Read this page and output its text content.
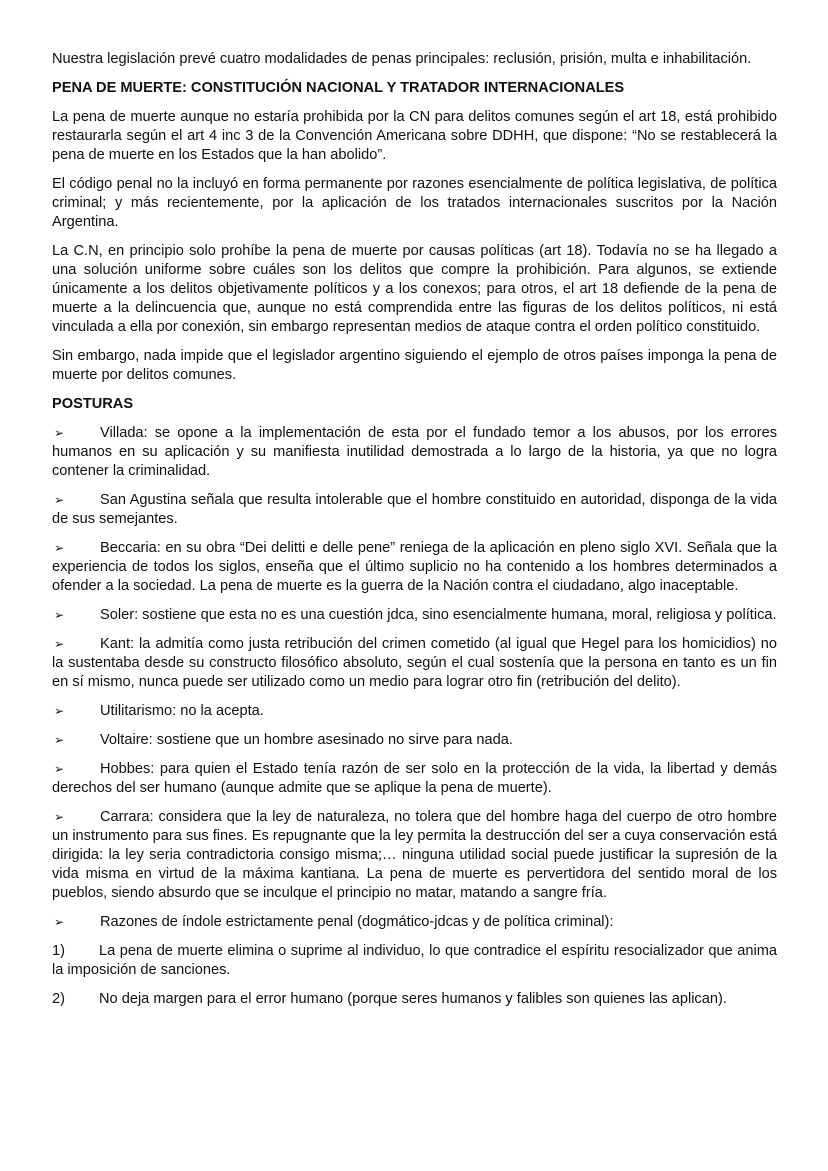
Nuestra legislación prevé cuatro modalidades de penas principales: reclusión, prisión, multa e inhabilitación.

PENA DE MUERTE: CONSTITUCIÓN NACIONAL Y TRATADOR INTERNACIONALES

La pena de muerte aunque no estaría prohibida por la CN para delitos comunes según el art 18, está prohibido restaurarla según el art 4 inc 3 de la Convención Americana sobre DDHH, que dispone: “No se restablecerá la pena de muerte en los Estados que la han abolido”.

El código penal no la incluyó en forma permanente por razones esencialmente de política legislativa, de política criminal; y más recientemente, por la aplicación de los tratados internacionales suscritos por la Nación Argentina.

La C.N, en principio solo prohíbe la pena de muerte por causas políticas (art 18). Todavía no se ha llegado a una solución uniforme sobre cuáles son los delitos que compre la prohibición. Para algunos, se extiende únicamente a los delitos objetivamente políticos y a los conexos; para otros, el art 18 defiende de la pena de muerte a la delincuencia que, aunque no está comprendida entre las figuras de los delitos políticos, ni está vinculada a ella por conexión, sin embargo representan medios de ataque contra el orden político constituido.

Sin embargo, nada impide que el legislador argentino siguiendo el ejemplo de otros países imponga la pena de muerte por delitos comunes.

POSTURAS

➢ Villada: se opone a la implementación de esta por el fundado temor a los abusos, por los errores humanos en su aplicación y su manifiesta inutilidad demostrada a lo largo de la historia, ya que no logra contener la criminalidad.
➢ San Agustina señala que resulta intolerable que el hombre constituido en autoridad, disponga de la vida de sus semejantes.
➢ Beccaria: en su obra “Dei delitti e delle pene” reniega de la aplicación en pleno siglo XVI. Señala que la experiencia de todos los siglos, enseña que el último suplicio no ha contenido a los hombres determinados a ofender a la sociedad. La pena de muerte es la guerra de la Nación contra el ciudadano, algo inaceptable.
➢ Soler: sostiene que esta no es una cuestión jdca, sino esencialmente humana, moral, religiosa y política.
➢ Kant: la admitía como justa retribución del crimen cometido (al igual que Hegel para los homicidios) no la sustentaba desde su constructo filosófico absoluto, según el cual sostenía que la persona en tanto es un fin en sí mismo, nunca puede ser utilizado como un medio para lograr otro fin (retribución del delito).
➢ Utilitarismo: no la acepta.
➢ Voltaire: sostiene que un hombre asesinado no sirve para nada.
➢ Hobbes: para quien el Estado tenía razón de ser solo en la protección de la vida, la libertad y demás derechos del ser humano (aunque admite que se aplique la pena de muerte).
➢ Carrara: considera que la ley de naturaleza, no tolera que del hombre haga del cuerpo de otro hombre un instrumento para sus fines. Es repugnante que la ley permita la destrucción del ser a cuya conservación está dirigida: la ley seria contradictoria consigo misma;… ninguna utilidad social puede justificar la supresión de la vida misma en virtud de la máxima kantiana. La pena de muerte es pervertidora del sentido moral de los pueblos, siendo absurdo que se inculque el principio no matar, matando a sangre fría.
➢ Razones de índole estrictamente penal (dogmático-jdcas y de política criminal):
1) La pena de muerte elimina o suprime al individuo, lo que contradice el espíritu resocializador que anima la imposición de sanciones.
2) No deja margen para el error humano (porque seres humanos y falibles son quienes las aplican).
